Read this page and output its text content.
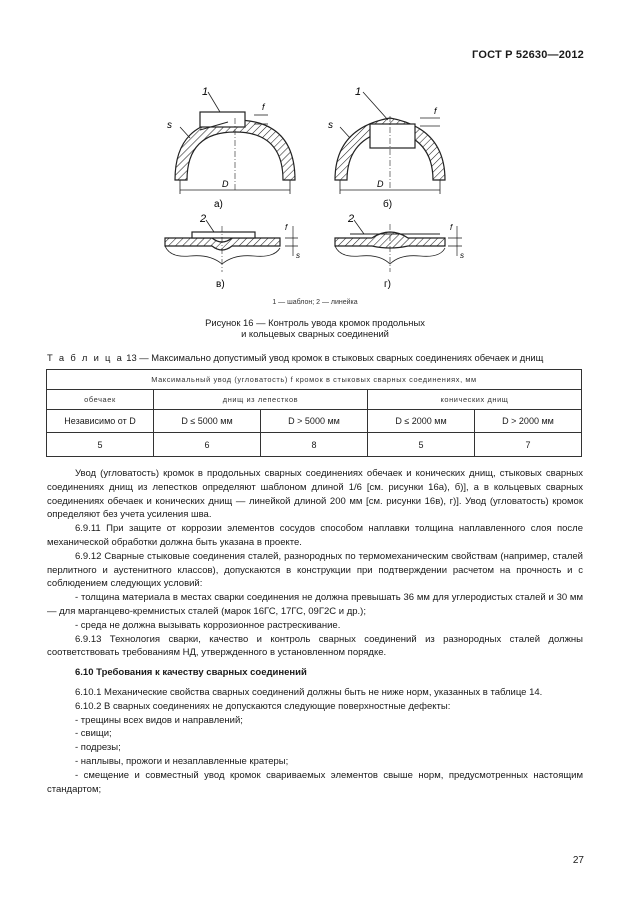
ГОСТ Р 52630—2012
1
s
f
D
а)
1
s
f
D
б)
2
f
s
в)
2
f
s
г)
1 — шаблон; 2 — линейка
Рисунок 16 — Контроль увода кромок продольных
и кольцевых сварных соединений
Т а б л и ц а 13 — Максимально допустимый увод кромок в стыковых сварных соединениях обечаек и днищ
Максимальный увод (угловатость) f кромок в стыковых сварных соединениях, мм				
обечаек	днищ из лепестков		конических днищ	
Независимо от D	D ≤ 5000 мм	D > 5000 мм	D ≤ 2000 мм	D > 2000 мм
5	6	8	5	7

Увод (угловатость) кромок в продольных сварных соединениях обечаек и конических днищ, стыковых сварных соединениях днищ из лепестков определяют шаблоном длиной 1/6 [см. рисунки 16а), б)], а в кольцевых сварных соединениях обечаек и конических днищ — линейкой длиной 200 мм [см. рисунки 16в), г)]. Увод (угловатость) кромок определяют без учета усиления шва.

6.9.11 При защите от коррозии элементов сосудов способом наплавки толщина наплавленного слоя после механической обработки должна быть указана в проекте.

6.9.12 Сварные стыковые соединения сталей, разнородных по термомеханическим свойствам (например, сталей перлитного и аустенитного классов), допускаются в конструкции при подтверждении расчетом на прочность и с соблюдением следующих условий:

- толщина материала в местах сварки соединения не должна превышать 36 мм для углеродистых сталей и 30 мм — для марганцево-кремнистых сталей (марок 16ГС, 17ГС, 09Г2С и др.);

- среда не должна вызывать коррозионное растрескивание.

6.9.13 Технология сварки, качество и контроль сварных соединений из разнородных сталей должны соответствовать требованиям НД, утвержденного в установленном порядке.

6.10 Требования к качеству сварных соединений

6.10.1 Механические свойства сварных соединений должны быть не ниже норм, указанных в таблице 14.

6.10.2 В сварных соединениях не допускаются следующие поверхностные дефекты:

- трещины всех видов и направлений;

- свищи;

- подрезы;

- наплывы, прожоги и незаплавленные кратеры;

- смещение и совместный увод кромок свариваемых элементов свыше норм, предусмотренных настоящим стандартом;

27
